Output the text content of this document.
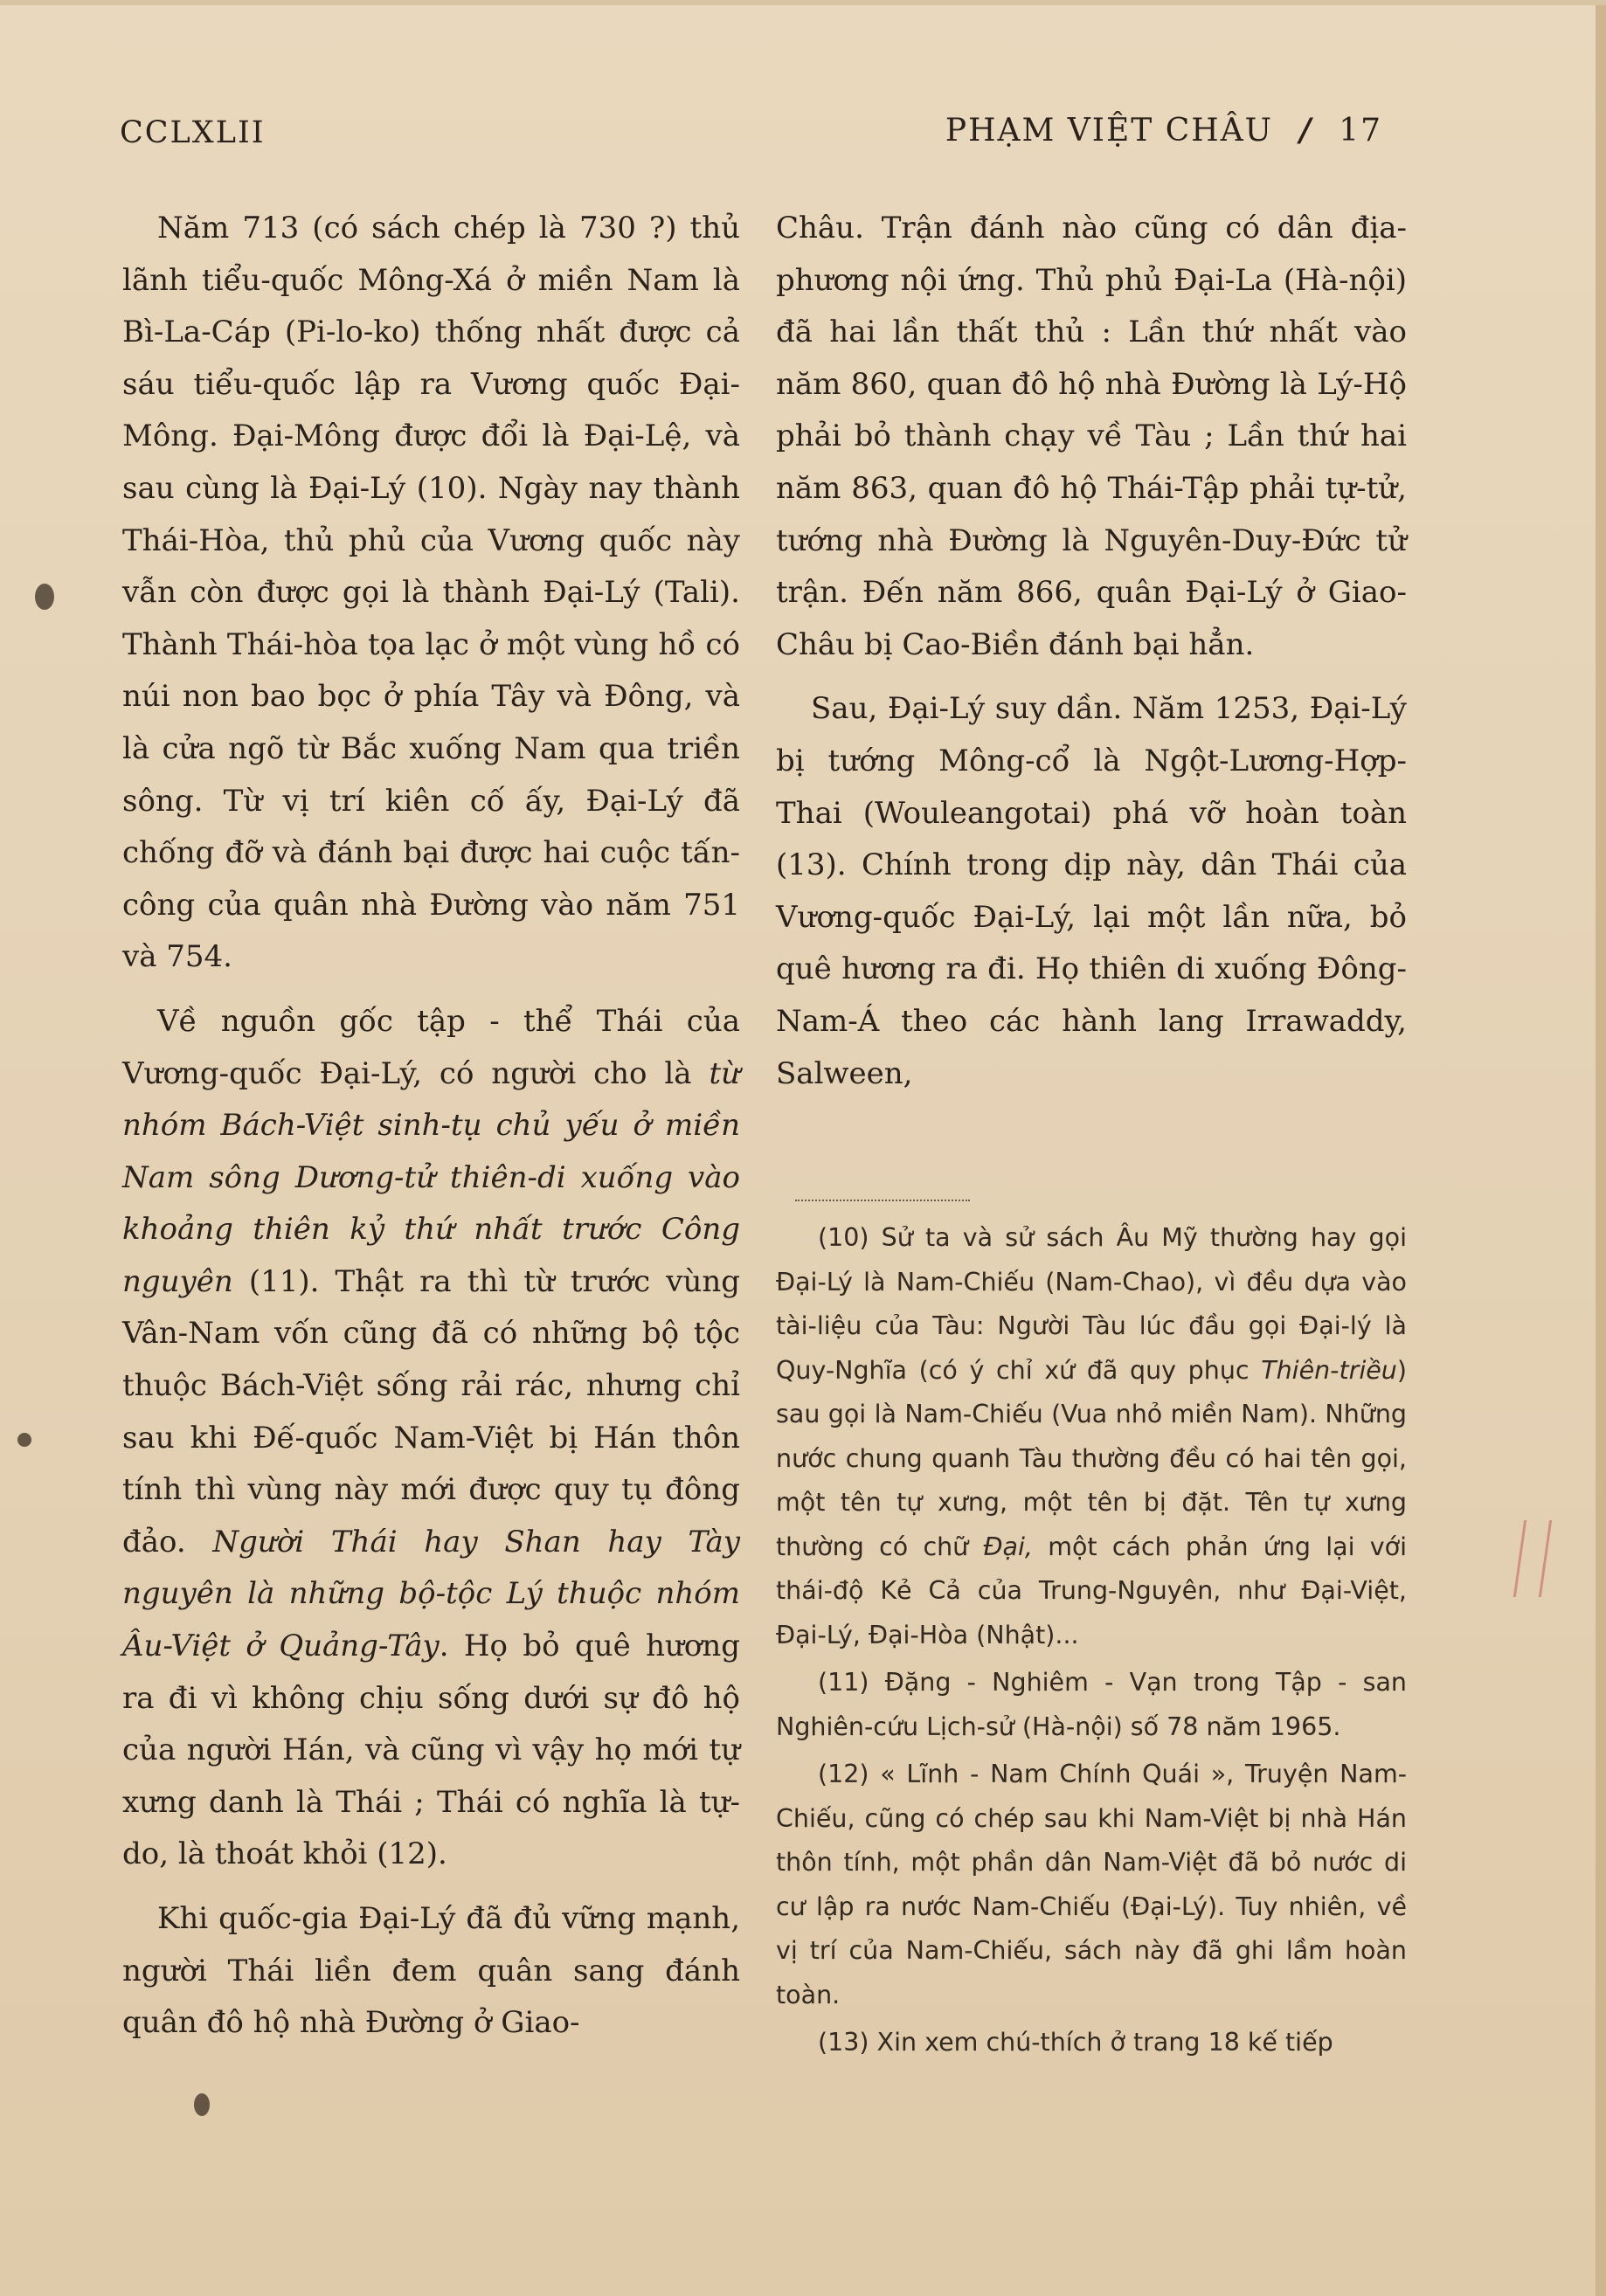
CCLXLII	PHẠM VIỆT CHÂU / 17

Năm 713 (có sách chép là 730 ?) thủ lãnh tiểu-quốc Mông-Xá ở miền Nam là Bì-La-Cáp (Pi-lo-ko) thống nhất được cả sáu tiểu-quốc lập ra Vương quốc Đại-Mông. Đại-Mông được đổi là Đại-Lệ, và sau cùng là Đại-Lý (10). Ngày nay thành Thái-Hòa, thủ phủ của Vương quốc này vẫn còn được gọi là thành Đại-Lý (Tali). Thành Thái-hòa tọa lạc ở một vùng hồ có núi non bao bọc ở phía Tây và Đông, và là cửa ngõ từ Bắc xuống Nam qua triền sông. Từ vị trí kiên cố ấy, Đại-Lý đã chống đỡ và đánh bại được hai cuộc tấn-công của quân nhà Đường vào năm 751 và 754.

Về nguồn gốc tập - thể Thái của Vương-quốc Đại-Lý, có người cho là từ nhóm Bách-Việt sinh-tụ chủ yếu ở miền Nam sông Dương-tử thiên-di xuống vào khoảng thiên kỷ thứ nhất trước Công nguyên (11). Thật ra thì từ trước vùng Vân-Nam vốn cũng đã có những bộ tộc thuộc Bách-Việt sống rải rác, nhưng chỉ sau khi Đế-quốc Nam-Việt bị Hán thôn tính thì vùng này mới được quy tụ đông đảo. Người Thái hay Shan hay Tày nguyên là những bộ-tộc Lý thuộc nhóm Âu-Việt ở Quảng-Tây. Họ bỏ quê hương ra đi vì không chịu sống dưới sự đô hộ của người Hán, và cũng vì vậy họ mới tự xưng danh là Thái ; Thái có nghĩa là tự-do, là thoát khỏi (12).

Khi quốc-gia Đại-Lý đã đủ vững mạnh, người Thái liền đem quân sang đánh quân đô hộ nhà Đường ở Giao-

Châu. Trận đánh nào cũng có dân địa-phương nội ứng. Thủ phủ Đại-La (Hà-nội) đã hai lần thất thủ : Lần thứ nhất vào năm 860, quan đô hộ nhà Đường là Lý-Hộ phải bỏ thành chạy về Tàu ; Lần thứ hai năm 863, quan đô hộ Thái-Tập phải tự-tử, tướng nhà Đường là Nguyên-Duy-Đức tử trận. Đến năm 866, quân Đại-Lý ở Giao-Châu bị Cao-Biền đánh bại hẳn.

Sau, Đại-Lý suy dần. Năm 1253, Đại-Lý bị tướng Mông-cổ là Ngột-Lương-Hợp-Thai (Wouleangotai) phá vỡ hoàn toàn (13). Chính trong dịp này, dân Thái của Vương-quốc Đại-Lý, lại một lần nữa, bỏ quê hương ra đi. Họ thiên di xuống Đông-Nam-Á theo các hành lang Irrawaddy, Salween,

(10) Sử ta và sử sách Âu Mỹ thường hay gọi Đại-Lý là Nam-Chiếu (Nam-Chao), vì đều dựa vào tài-liệu của Tàu: Người Tàu lúc đầu gọi Đại-lý là Quy-Nghĩa (có ý chỉ xứ đã quy phục Thiên-triều) sau gọi là Nam-Chiếu (Vua nhỏ miền Nam). Những nước chung quanh Tàu thường đều có hai tên gọi, một tên tự xưng, một tên bị đặt. Tên tự xưng thường có chữ Đại, một cách phản ứng lại với thái-độ Kẻ Cả của Trung-Nguyên, như Đại-Việt, Đại-Lý, Đại-Hòa (Nhật)...

(11) Đặng - Nghiêm - Vạn trong Tập - san Nghiên-cứu Lịch-sử (Hà-nội) số 78 năm 1965.

(12) « Lĩnh - Nam Chính Quái », Truyện Nam-Chiếu, cũng có chép sau khi Nam-Việt bị nhà Hán thôn tính, một phần dân Nam-Việt đã bỏ nước di cư lập ra nước Nam-Chiếu (Đại-Lý). Tuy nhiên, về vị trí của Nam-Chiếu, sách này đã ghi lầm hoàn toàn.

(13) Xin xem chú-thích ở trang 18 kế tiếp
